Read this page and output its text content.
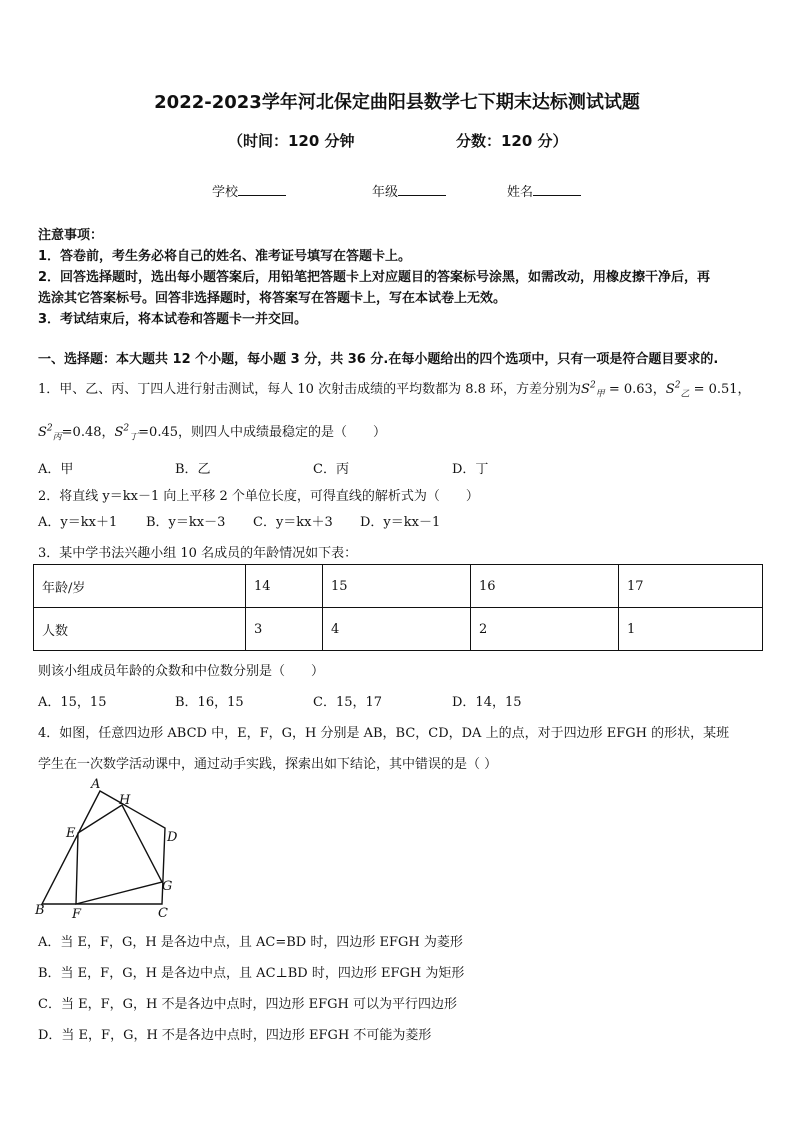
2022-2023学年河北保定曲阳县数学七下期末达标测试试题
（时间：120 分钟	分数：120 分）
学校	年级	姓名
注意事项：
1．答卷前，考生务必将自己的姓名、准考证号填写在答题卡上。
2．回答选择题时，选出每小题答案后，用铅笔把答题卡上对应题目的答案标号涂黑，如需改动，用橡皮擦干净后，再
选涂其它答案标号。回答非选择题时，将答案写在答题卡上，写在本试卷上无效。
3．考试结束后，将本试卷和答题卡一并交回。
一、选择题：本大题共 12 个小题，每小题 3 分，共 36 分.在每小题给出的四个选项中，只有一项是符合题目要求的.
1．甲、乙、丙、丁四人进行射击测试，每人 10 次射击成绩的平均数都为 8.8 环，方差分别为$S^2_甲 = 0.63$，$S^2_乙 = 0.51$，
$S^2_丙=0.48$，$S^2_丁=0.45$，则四人中成绩最稳定的是（　　）
A．甲	B．乙	C．丙	D．丁
2．将直线 y＝kx－1 向上平移 2 个单位长度，可得直线的解析式为（　　）
A．y＝kx＋1 B．y＝kx－3 C．y＝kx＋3 D．y＝kx－1
3．某中学书法兴趣小组 10 名成员的年龄情况如下表：
年龄/岁	14	15	16	17
人数	3	4	2	1
则该小组成员年龄的众数和中位数分别是（　　）
A．15，15	B．16，15	C．15，17	D．14，15
4．如图，任意四边形 ABCD 中，E，F，G，H 分别是 AB，BC，CD，DA 上的点，对于四边形 EFGH 的形状，某班
学生在一次数学活动课中，通过动手实践，探索出如下结论，其中错误的是（ ）
A
H
E	D
G
B F	C
A．当 E，F，G，H 是各边中点，且 AC=BD 时，四边形 EFGH 为菱形
B．当 E，F，G，H 是各边中点，且 AC⊥BD 时，四边形 EFGH 为矩形
C．当 E，F，G，H 不是各边中点时，四边形 EFGH 可以为平行四边形
D．当 E，F，G，H 不是各边中点时，四边形 EFGH 不可能为菱形
